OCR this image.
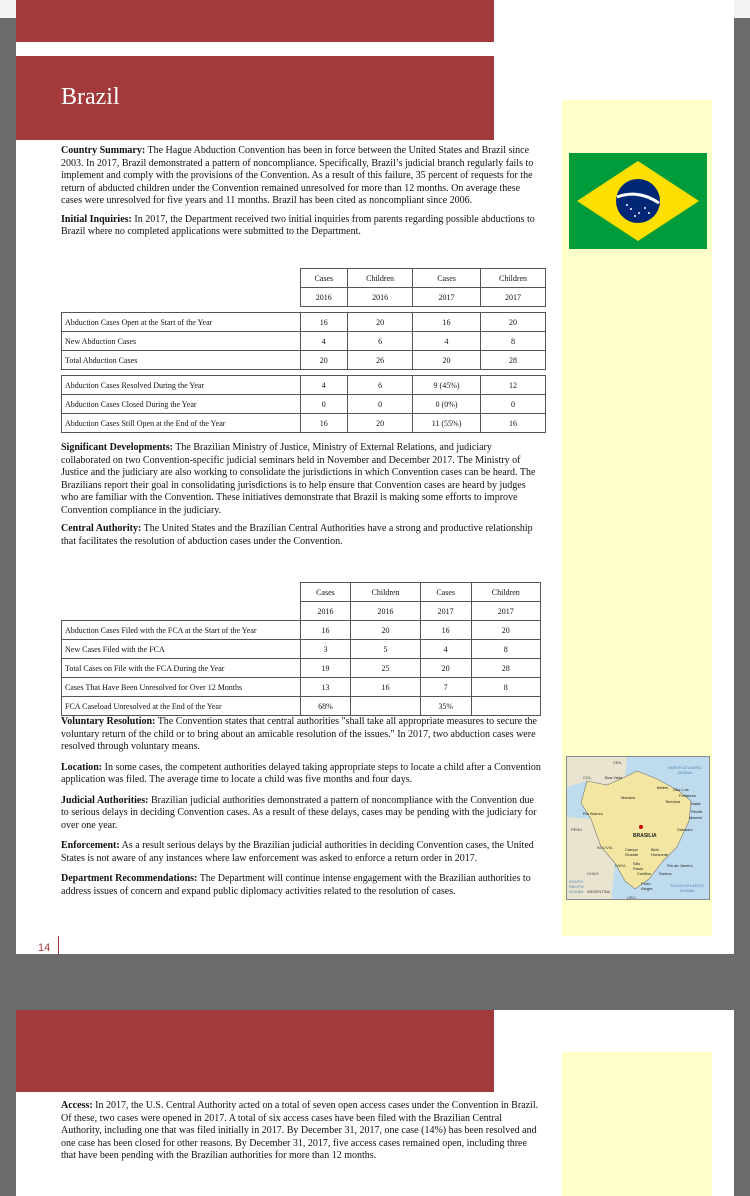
Brazil

Country Summary: The Hague Abduction Convention has been in force between the United States and Brazil since 2003. In 2017, Brazil demonstrated a pattern of noncompliance. Specifically, Brazil’s judicial branch regularly fails to implement and comply with the provisions of the Convention. As a result of this failure, 35 percent of requests for the return of abducted children under the Convention remained unresolved for more than 12 months. On average these cases were unresolved for five years and 11 months. Brazil has been cited as noncompliant since 2006.

Initial Inquiries: In 2017, the Department received two initial inquiries from parents regarding possible abductions to Brazil where no completed applications were submitted to the Department.

	Cases	Children	Cases	Children
	2016	2016	2017	2017

Abduction Cases Open at the Start of the Year	16	20	16	20
New Abduction Cases	4	6	4	8
Total Abduction Cases	20	26	20	28

Abduction Cases Resolved During the Year	4	6	9 (45%)	12
Abduction Cases Closed During the Year	0	0	0 (0%)	0
Abduction Cases Still Open at the End of the Year	16	20	11 (55%)	16

Significant Developments: The Brazilian Ministry of Justice, Ministry of External Relations, and judiciary collaborated on two Convention-specific judicial seminars held in November and December 2017. The Ministry of Justice and the judiciary are also working to consolidate the jurisdictions in which Convention cases can be heard. The Brazilians report their goal in consolidating jurisdictions is to help ensure that Convention cases are heard by judges who are familiar with the Convention. These initiatives demonstrate that Brazil is making some efforts to improve Convention compliance in the judiciary.

Central Authority: The United States and the Brazilian Central Authorities have a strong and productive relationship that facilitates the resolution of abduction cases under the Convention.

	Cases	Children	Cases	Children
	2016	2016	2017	2017
Abduction Cases Filed with the FCA at the Start of the Year	16	20	16	20
New Cases Filed with the FCA	3	5	4	8
Total Cases on File with the FCA During the Year	19	25	20	28
Cases That Have Been Unresolved for Over 12 Months	13	16	7	8
FCA Caseload Unresolved at the End of the Year	68%		35%	

Voluntary Resolution: The Convention states that central authorities "shall take all appropriate measures to secure the voluntary return of the child or to bring about an amicable resolution of the issues." In 2017, two abduction cases were resolved through voluntary means.

Location: In some cases, the competent authorities delayed taking appropriate steps to locate a child after a Convention application was filed. The average time to locate a child was five months and four days.

Judicial Authorities: Brazilian judicial authorities demonstrated a pattern of noncompliance with the Convention due to serious delays in deciding Convention cases. As a result of these delays, cases may be pending with the judiciary for over one year.

Enforcement: As a result serious delays by the Brazilian judicial authorities in deciding Convention cases, the United States is not aware of any instances where law enforcement was asked to enforce a return order in 2017.

Department Recommendations: The Department will continue intense engagement with the Brazilian authorities to address issues of concern and expand public diplomacy activities related to the resolution of cases.

VEN.
COL.
NORTH ATLANTIC OCEAN
Boa Vista
Manaus
Belém São Luís
Fortaleza
Teresina	Natal
Recife
Maceió
Rio Branco
PERU	Salvador
BRASILIA
BOLIVIA	Campo Grande
Belo Horizonte
PARA. São Paulo
Rio de Janeiro
Curitiba Santos
CHILE
Porto Alegre
ARGENTINA
SOUTH PACIFIC OCEAN
SOUTH ATLANTIC OCEAN
URU.
14

Access: In 2017, the U.S. Central Authority acted on a total of seven open access cases under the Convention in Brazil. Of these, two cases were opened in 2017. A total of six access cases have been filed with the Brazilian Central Authority, including one that was filed initially in 2017. By December 31, 2017, one case (14%) has been resolved and one case has been closed for other reasons. By December 31, 2017, five access cases remained open, including three that have been pending with the Brazilian authorities for more than 12 months.
